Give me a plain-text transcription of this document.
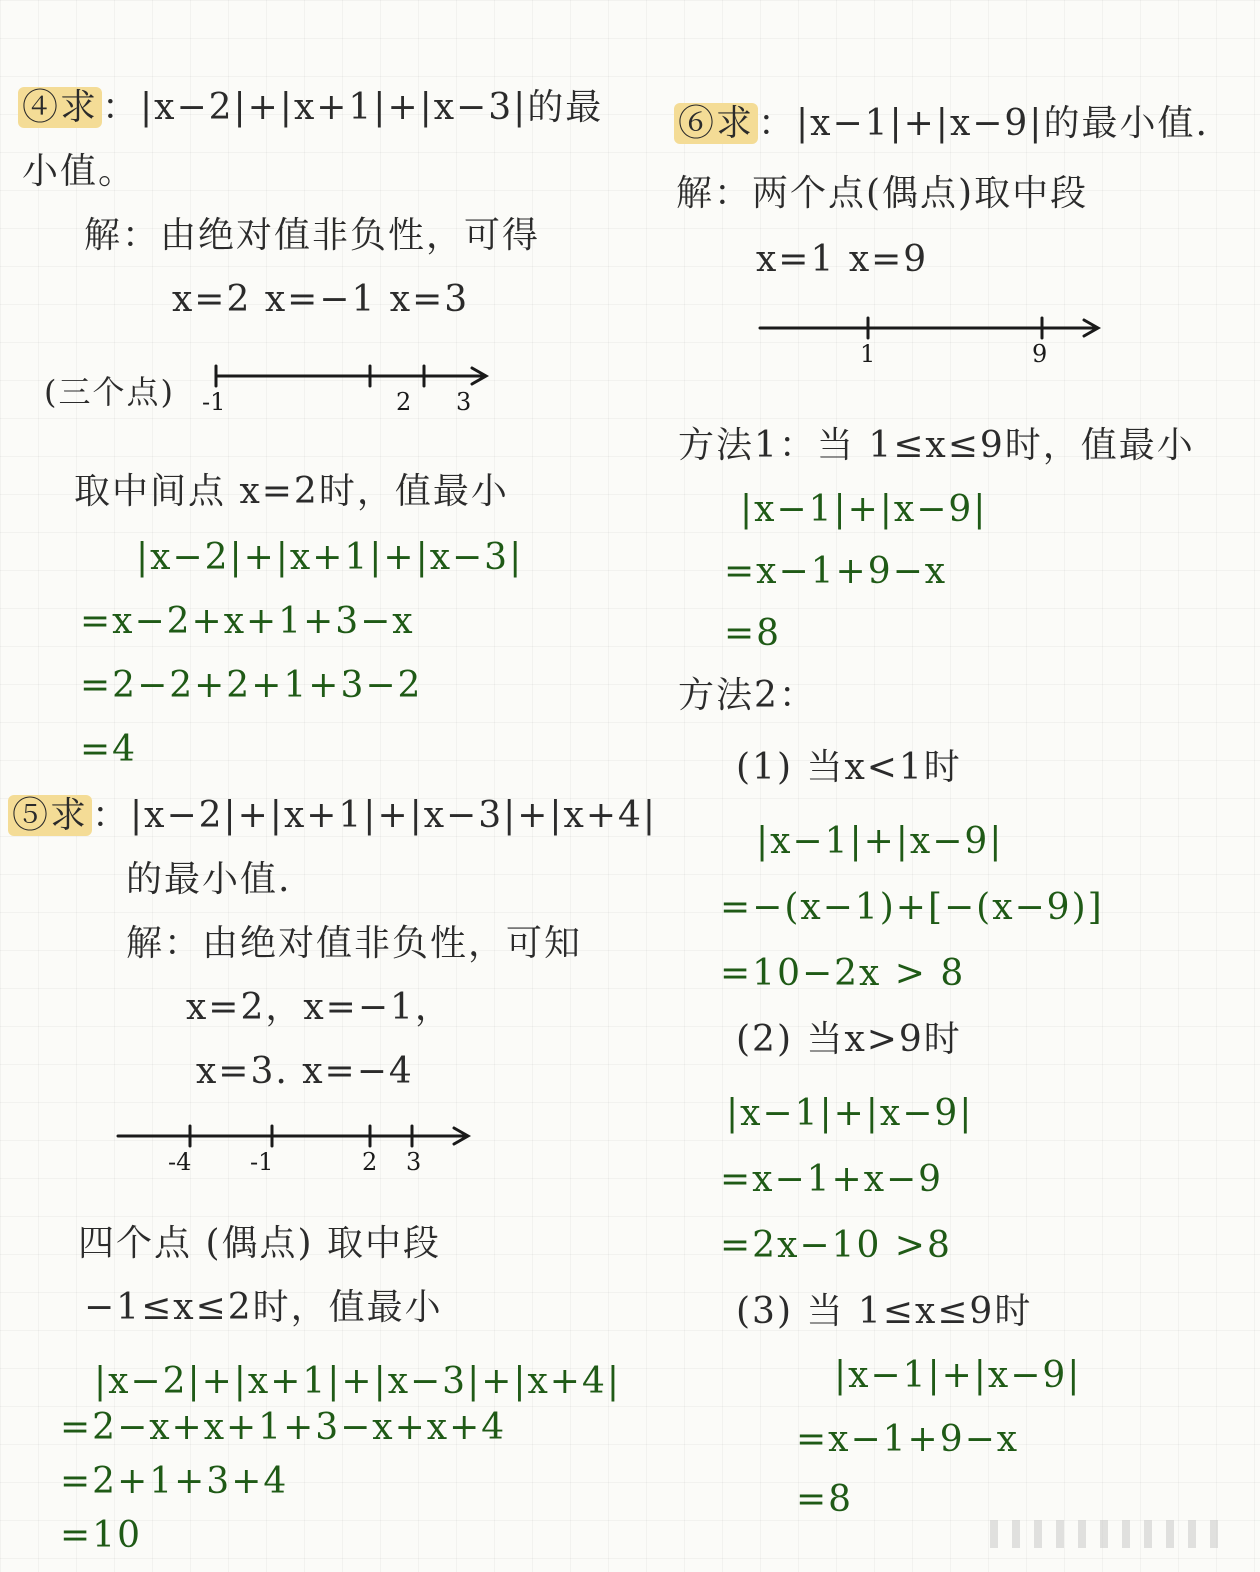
④求 ：|x−2|+|x+1|+|x−3|的最
小值。
解：由绝对值非负性，可得
x=2 x=−1 x=3
(三个点) -1	2 3
取中间点 x=2时，值最小
|x−2|+|x+1|+|x−3|
=x−2+x+1+3−x
=2−2+2+1+3−2
=4
⑤求 ：|x−2|+|x+1|+|x−3|+|x+4|
的最小值.
解：由绝对值非负性，可知
x=2，x=−1，
x=3. x=−4
-4 -1	2 3
四个点 (偶点) 取中段
−1≤x≤2时，值最小
|x−2|+|x+1|+|x−3|+|x+4|
=2−x+x+1+3−x+x+4
=2+1+3+4
=10
⑥求 ：|x−1|+|x−9|的最小值.
解：两个点(偶点)取中段
x=1 x=9
1	9
方法1：当 1≤x≤9时，值最小
|x−1|+|x−9|
=x−1+9−x
=8
方法2：
(1) 当x<1时
|x−1|+|x−9|
=−(x−1)+[−(x−9)]
=10−2x > 8
(2) 当x>9时
|x−1|+|x−9|
=x−1+x−9
=2x−10 >8
(3) 当 1≤x≤9时
|x−1|+|x−9|
=x−1+9−x
=8
